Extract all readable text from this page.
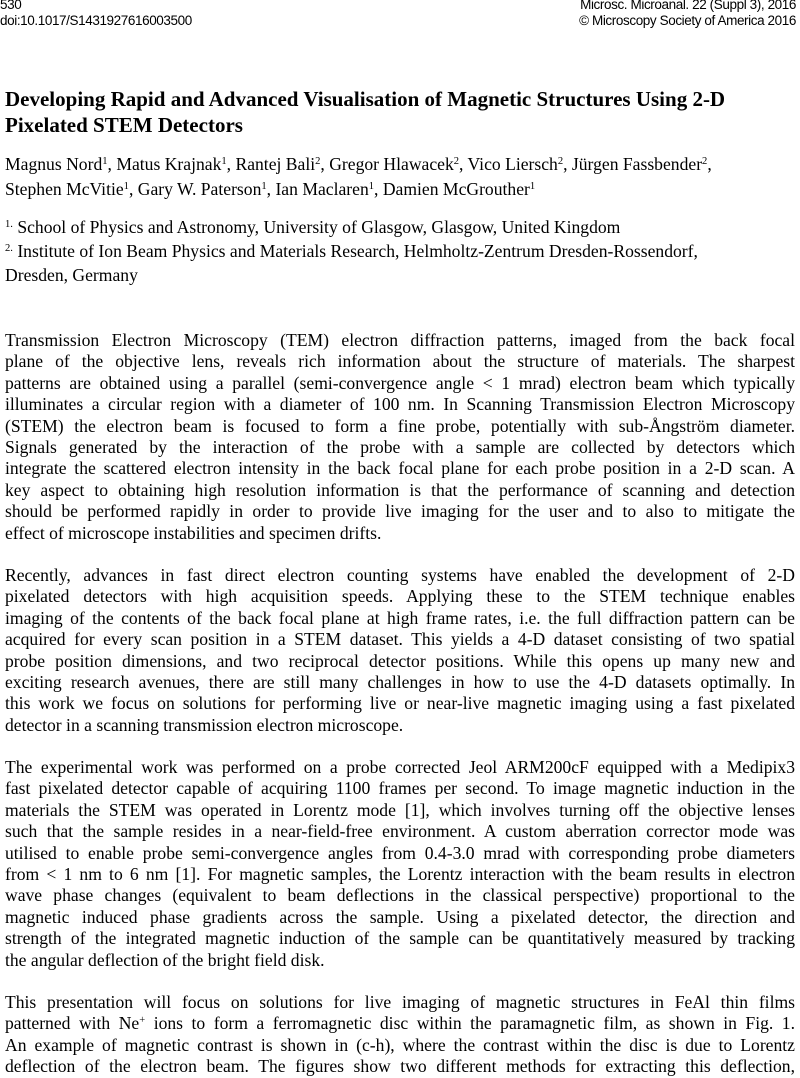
530
doi:10.1017/S1431927616003500
Microsc. Microanal. 22 (Suppl 3), 2016
© Microscopy Society of America 2016
Developing Rapid and Advanced Visualisation of Magnetic Structures Using 2-D
Pixelated STEM Detectors
Magnus Nord$^1$, Matus Krajnak$^1$, Rantej Bali$^2$, Gregor Hlawacek$^2$, Vico Liersch$^2$, Jürgen Fassbender$^2$,
Stephen McVitie$^1$, Gary W. Paterson$^1$, Ian Maclaren$^1$, Damien McGrouther$^1$
$^{1.}$ School of Physics and Astronomy, University of Glasgow, Glasgow, United Kingdom
$^{2.}$ Institute of Ion Beam Physics and Materials Research, Helmholtz-Zentrum Dresden-Rossendorf,
Dresden, Germany
Transmission Electron Microscopy (TEM) electron diffraction patterns, imaged from the back focal
plane of the objective lens, reveals rich information about the structure of materials. The sharpest
patterns are obtained using a parallel (semi-convergence angle < 1 mrad) electron beam which typically
illuminates a circular region with a diameter of 100 nm. In Scanning Transmission Electron Microscopy
(STEM) the electron beam is focused to form a fine probe, potentially with sub-Ångström diameter.
Signals generated by the interaction of the probe with a sample are collected by detectors which
integrate the scattered electron intensity in the back focal plane for each probe position in a 2-D scan. A
key aspect to obtaining high resolution information is that the performance of scanning and detection
should be performed rapidly in order to provide live imaging for the user and to also to mitigate the
effect of microscope instabilities and specimen drifts.
Recently, advances in fast direct electron counting systems have enabled the development of 2-D
pixelated detectors with high acquisition speeds. Applying these to the STEM technique enables
imaging of the contents of the back focal plane at high frame rates, i.e. the full diffraction pattern can be
acquired for every scan position in a STEM dataset. This yields a 4-D dataset consisting of two spatial
probe position dimensions, and two reciprocal detector positions. While this opens up many new and
exciting research avenues, there are still many challenges in how to use the 4-D datasets optimally. In
this work we focus on solutions for performing live or near-live magnetic imaging using a fast pixelated
detector in a scanning transmission electron microscope.
The experimental work was performed on a probe corrected Jeol ARM200cF equipped with a Medipix3
fast pixelated detector capable of acquiring 1100 frames per second. To image magnetic induction in the
materials the STEM was operated in Lorentz mode [1], which involves turning off the objective lenses
such that the sample resides in a near-field-free environment. A custom aberration corrector mode was
utilised to enable probe semi-convergence angles from 0.4-3.0 mrad with corresponding probe diameters
from < 1 nm to 6 nm [1]. For magnetic samples, the Lorentz interaction with the beam results in electron
wave phase changes (equivalent to beam deflections in the classical perspective) proportional to the
magnetic induced phase gradients across the sample. Using a pixelated detector, the direction and
strength of the integrated magnetic induction of the sample can be quantitatively measured by tracking
the angular deflection of the bright field disk.
This presentation will focus on solutions for live imaging of magnetic structures in FeAl thin films
patterned with Ne+ ions to form a ferromagnetic disc within the paramagnetic film, as shown in Fig. 1.
An example of magnetic contrast is shown in (c-h), where the contrast within the disc is due to Lorentz
deflection of the electron beam. The figures show two different methods for extracting this deflection,
